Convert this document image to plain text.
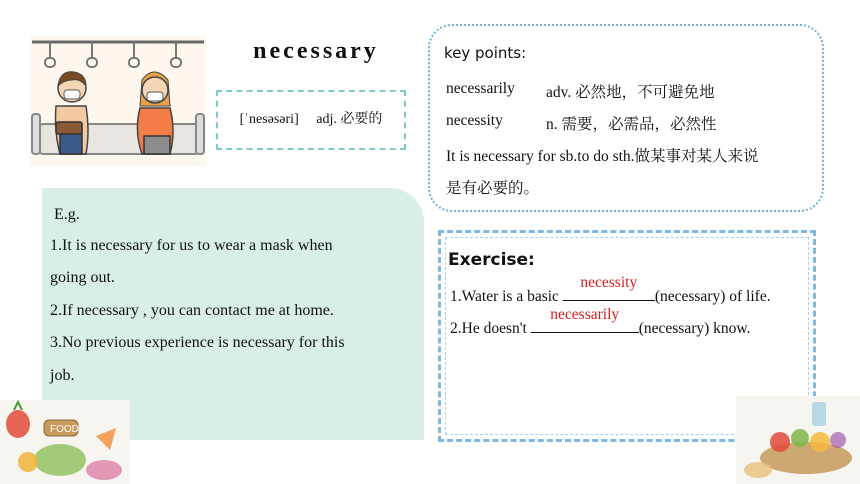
necessary
[ˈnesəsəri] adj. 必要的
key points:
necessarily adv. 必然地，不可避免地
necessity	n. 需要，必需品，必然性
It is necessary for sb.to do sth.做某事对某人来说
是有必要的。
E.g.
1.It is necessary for us to wear a mask when
going out.
2.If necessary , you can contact me at home.
3.No previous experience is necessary for this
job.
Exercise:
1.Water is a basic
necessity
(necessary) of life.
2.He doesn't
necessarily
(necessary) know.
FOOD
